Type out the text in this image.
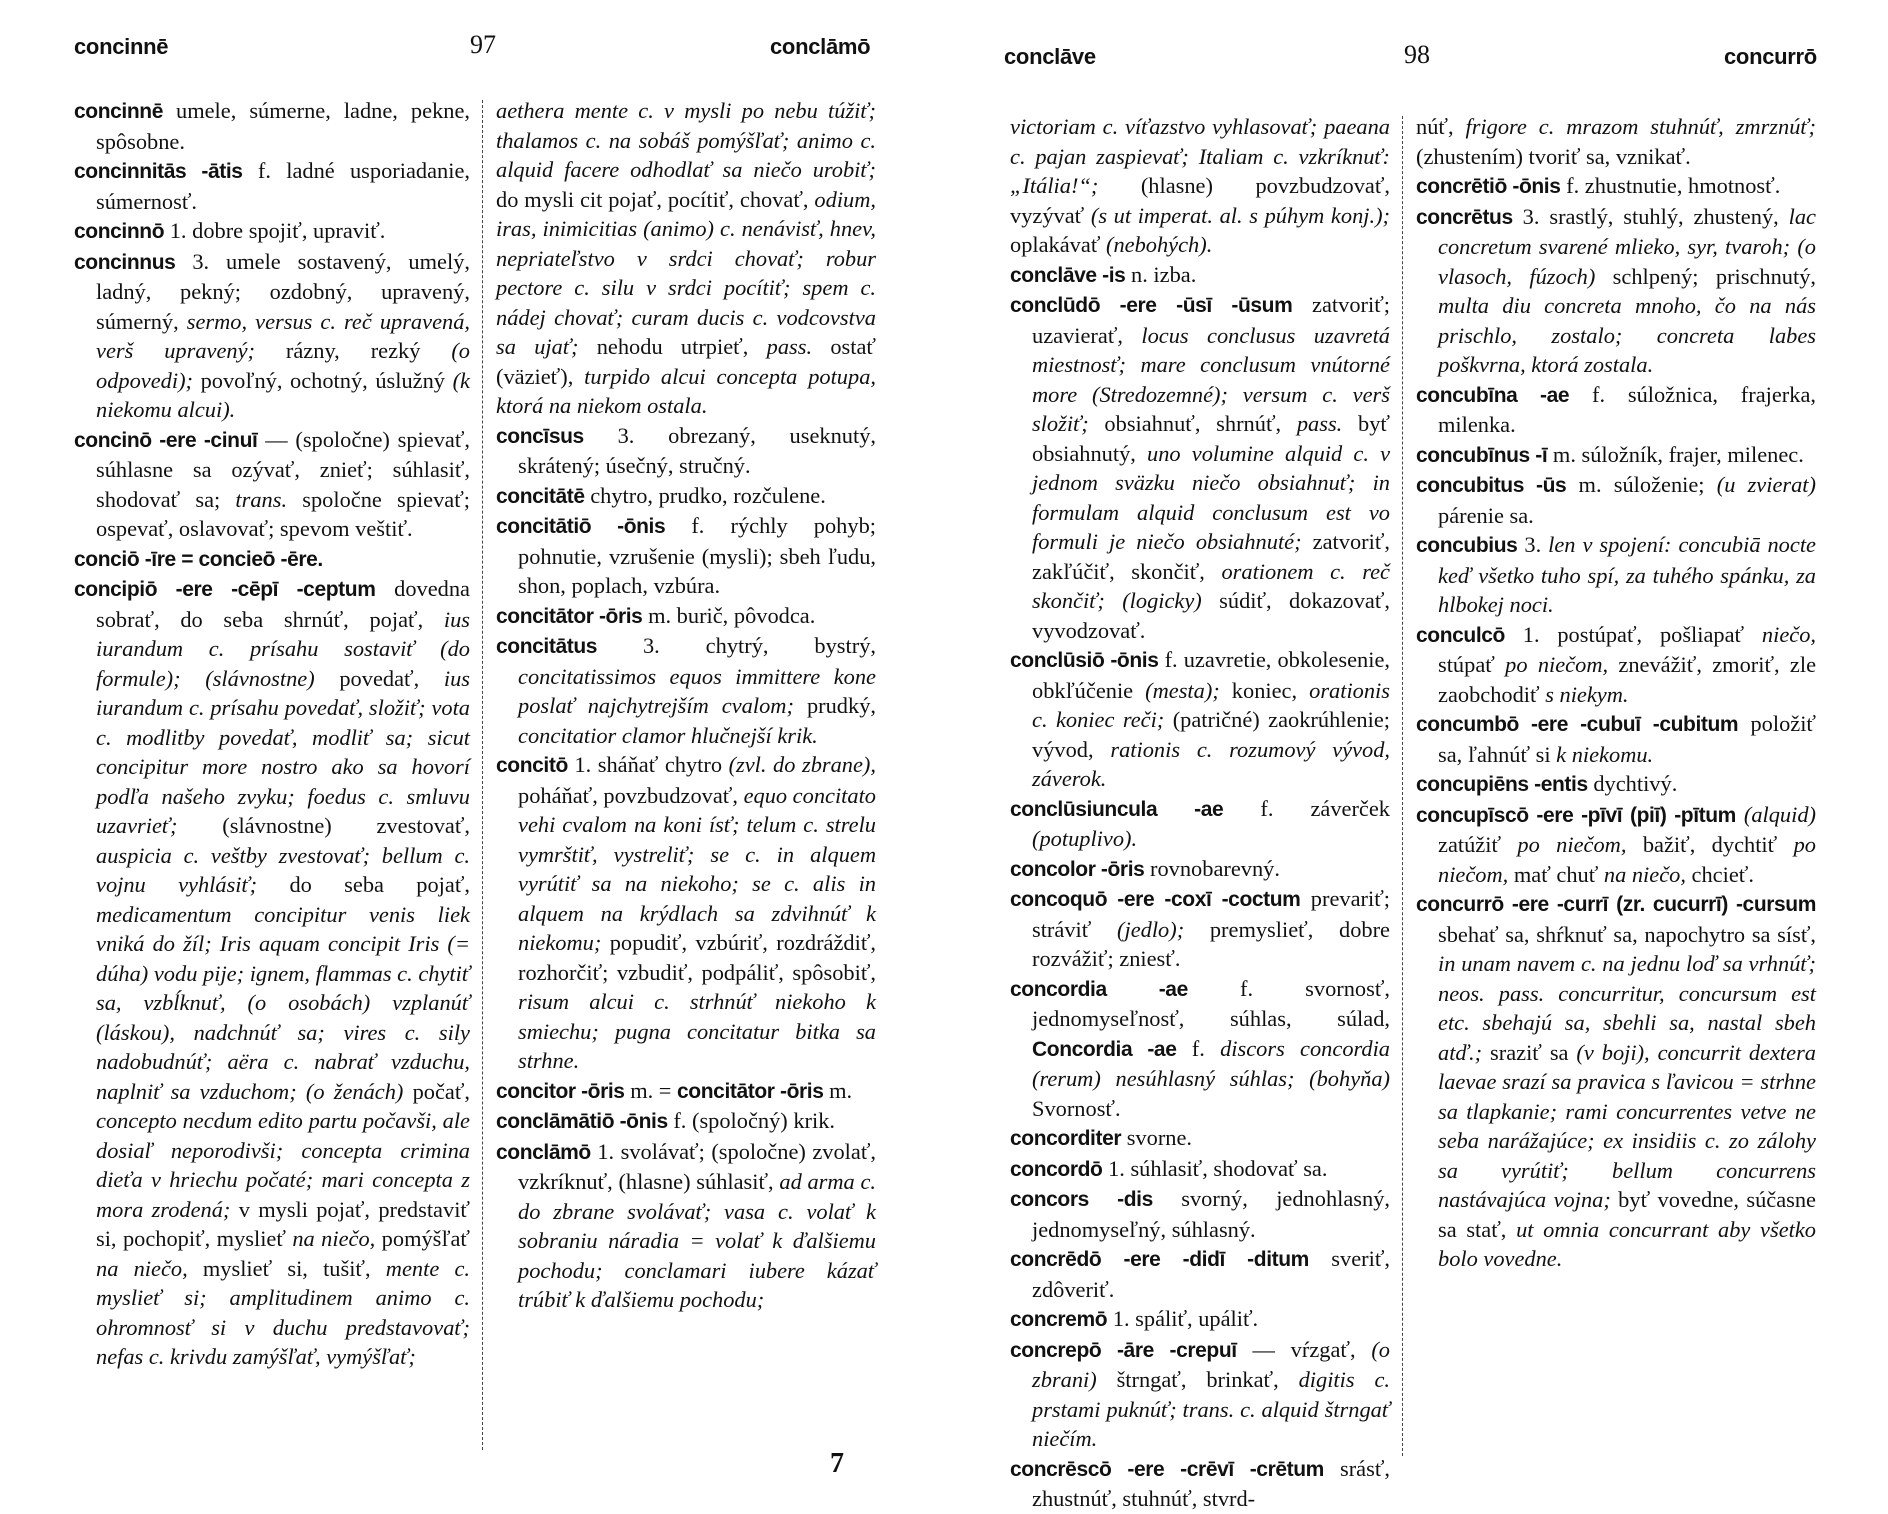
concinnē	97	conclāmō

concinnē umele, súmerne, ladne, pekne, spôsobne.

concinnitās -ātis f. ladné usporiadanie, súmernosť.

concinnō 1. dobre spojiť, upraviť.

concinnus 3. umele sostavený, umelý, ladný, pekný; ozdobný, upravený, súmerný, sermo, versus c. reč upravená, verš upravený; rázny, rezký (o odpovedi); povoľný, ochotný, úslužný (k niekomu alcui).

concinō -ere -cinuī — (spoločne) spievať, súhlasne sa ozývať, znieť; súhlasiť, shodovať sa; trans. spoločne spievať; ospevať, oslavovať; spevom veštiť.

conciō -īre = concieō -ēre.

concipiō -ere -cēpī -ceptum dovedna sobrať, do seba shrnúť, pojať, ius iurandum c. prísahu sostaviť (do formule); (slávnostne) povedať, ius iurandum c. prísahu povedať, složiť; vota c. modlitby povedať, modliť sa; sicut concipitur more nostro ako sa hovorí podľa našeho zvyku; foedus c. smluvu uzavrieť; (slávnostne) zvestovať, auspicia c. veštby zvestovať; bellum c. vojnu vyhlásiť; do seba pojať, medicamentum concipitur venis liek vniká do žíl; Iris aquam concipit Iris (= dúha) vodu pije; ignem, flammas c. chytiť sa, vzbĺknuť, (o osobách) vzplanúť (láskou), nadchnúť sa; vires c. sily nadobudnúť; aëra c. nabrať vzduchu, naplniť sa vzduchom; (o ženách) počať, concepto necdum edito partu počavši, ale dosiaľ neporodivši; concepta crimina dieťa v hriechu počaté; mari concepta z mora zrodená; v mysli pojať, predstaviť si, pochopiť, myslieť na niečo, pomýšľať na niečo, myslieť si, tušiť, mente c. myslieť si; amplitudinem animo c. ohromnosť si v duchu predstavovať; nefas c. krivdu zamýšľať, vymýšľať;

aethera mente c. v mysli po nebu túžiť; thalamos c. na sobáš pomýšľať; animo c. alquid facere odhodlať sa niečo urobiť; do mysli cit pojať, pocítiť, chovať, odium, iras, inimicitias (animo) c. nenávisť, hnev, nepriateľstvo v srdci chovať; robur pectore c. silu v srdci pocítiť; spem c. nádej chovať; curam ducis c. vodcovstva sa ujať; nehodu utrpieť, pass. ostať (väzieť), turpido alcui concepta potupa, ktorá na niekom ostala.

concīsus 3. obrezaný, useknutý, skrátený; úsečný, stručný.

concitātē chytro, prudko, rozčulene.

concitātiō -ōnis f. rýchly pohyb; pohnutie, vzrušenie (mysli); sbeh ľudu, shon, poplach, vzbúra.

concitātor -ōris m. burič, pôvodca.

concitātus 3. chytrý, bystrý, concitatissimos equos immittere kone poslať najchytrejším cvalom; prudký, concitatior clamor hlučnejší krik.

concitō 1. sháňať chytro (zvl. do zbrane), poháňať, povzbudzovať, equo concitato vehi cvalom na koni ísť; telum c. strelu vymrštiť, vystreliť; se c. in alquem vyrútiť sa na niekoho; se c. alis in alquem na krýdlach sa zdvihnúť k niekomu; popudiť, vzbúriť, rozdráždiť, rozhorčiť; vzbudiť, podpáliť, spôsobiť, risum alcui c. strhnúť niekoho k smiechu; pugna concitatur bitka sa strhne.

concitor -ōris m. = concitātor -ōris m.

conclāmātiō -ōnis f. (spoločný) krik.

conclāmō 1. svolávať; (spoločne) zvolať, vzkríknuť, (hlasne) súhlasiť, ad arma c. do zbrane svolávať; vasa c. volať k sobraniu náradia = volať k ďalšiemu pochodu; conclamari iubere kázať trúbiť k ďalšiemu pochodu;

7
conclāve	98	concurrō

victoriam c. víťazstvo vyhlasovať; paeana c. pajan zaspievať; Italiam c. vzkríknuť: „Itália!“; (hlasne) povzbudzovať, vyzývať (s ut imperat. al. s púhym konj.); oplakávať (nebohých).

conclāve -is n. izba.

conclūdō -ere -ūsī -ūsum zatvoriť; uzavierať, locus conclusus uzavretá miestnosť; mare conclusum vnútorné more (Stredozemné); versum c. verš složiť; obsiahnuť, shrnúť, pass. byť obsiahnutý, uno volumine alquid c. v jednom sväzku niečo obsiahnuť; in formulam alquid conclusum est vo formuli je niečo obsiahnuté; zatvoriť, zakľúčiť, skončiť, orationem c. reč skončiť; (logicky) súdiť, dokazovať, vyvodzovať.

conclūsiō -ōnis f. uzavretie, obkolesenie, obkľúčenie (mesta); koniec, orationis c. koniec reči; (patričné) zaokrúhlenie; vývod, rationis c. rozumový vývod, záverok.

conclūsiuncula -ae f. záverček (potuplivo).

concolor -ōris rovnobarevný.

concoquō -ere -coxī -coctum prevariť; stráviť (jedlo); premyslieť, dobre rozvážiť; zniesť.

concordia -ae f. svornosť, jednomyseľnosť, súhlas, súlad, Concordia -ae f. discors concordia (rerum) nesúhlasný súhlas; (bohyňa) Svornosť.

concorditer svorne.

concordō 1. súhlasiť, shodovať sa.

concors -dis svorný, jednohlasný, jednomyseľný, súhlasný.

concrēdō -ere -didī -ditum sveriť, zdôveriť.

concremō 1. spáliť, upáliť.

concrepō -āre -crepuī — vŕzgať, (o zbrani) štrngať, brinkať, digitis c. prstami puknúť; trans. c. alquid štrngať niečím.

concrēscō -ere -crēvī -crētum srásť, zhustnúť, stuhnúť, stvrd-

núť, frigore c. mrazom stuhnúť, zmrznúť; (zhustením) tvoriť sa, vznikať.

concrētiō -ōnis f. zhustnutie, hmotnosť.

concrētus 3. srastlý, stuhlý, zhustený, lac concretum svarené mlieko, syr, tvaroh; (o vlasoch, fúzoch) schlpený; prischnutý, multa diu concreta mnoho, čo na nás prischlo, zostalo; concreta labes poškvrna, ktorá zostala.

concubīna -ae f. súložnica, frajerka, milenka.

concubīnus -ī m. súložník, frajer, milenec.

concubitus -ūs m. súloženie; (u zvierat) párenie sa.

concubius 3. len v spojení: concubiā nocte keď všetko tuho spí, za tuhého spánku, za hlbokej noci.

conculcō 1. postúpať, pošliapať niečo, stúpať po niečom, znevážiť, zmoriť, zle zaobchodiť s niekym.

concumbō -ere -cubuī -cubitum položiť sa, ľahnúť si k niekomu.

concupiēns -entis dychtivý.

concupīscō -ere -pīvī (piī) -pītum (alquid) zatúžiť po niečom, bažiť, dychtiť po niečom, mať chuť na niečo, chcieť.

concurrō -ere -currī (zr. cucurrī) -cursum sbehať sa, shŕknuť sa, napochytro sa sísť, in unam navem c. na jednu loď sa vrhnúť; neos. pass. concurritur, concursum est etc. sbehajú sa, sbehli sa, nastal sbeh atď.; sraziť sa (v boji), concurrit dextera laevae srazí sa pravica s ľavicou = strhne sa tlapkanie; rami concurrentes vetve ne seba narážajúce; ex insidiis c. zo zálohy sa vyrútiť; bellum concurrens nastávajúca vojna; byť vovedne, súčasne sa stať, ut omnia concurrant aby všetko bolo vovedne.
